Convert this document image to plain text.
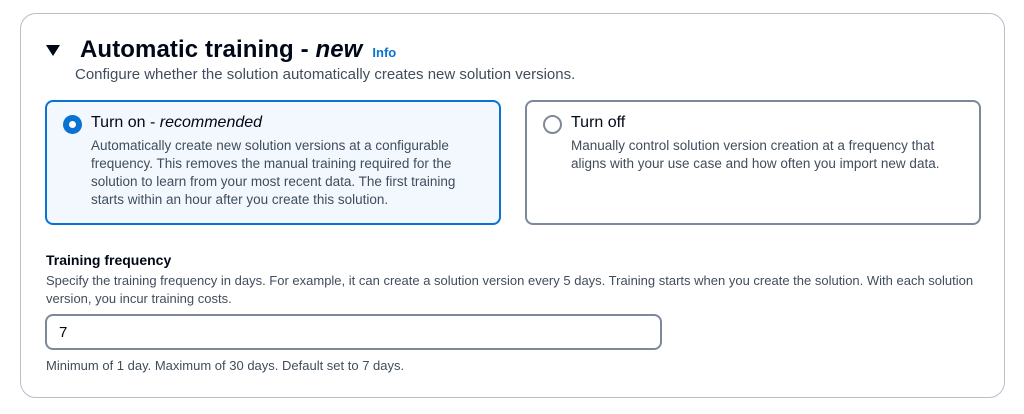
Automatic training - new Info
Configure whether the solution automatically creates new solution versions.
Turn on - recommended
Automatically create new solution versions at a configurable frequency. This removes the manual training required for the solution to learn from your most recent data. The first training starts within an hour after you create this solution.
Turn off
Manually control solution version creation at a frequency that aligns with your use case and how often you import new data.
Training frequency
Specify the training frequency in days. For example, it can create a solution version every 5 days. Training starts when you create the solution. With each solution version, you incur training costs.
7
Minimum of 1 day. Maximum of 30 days. Default set to 7 days.
